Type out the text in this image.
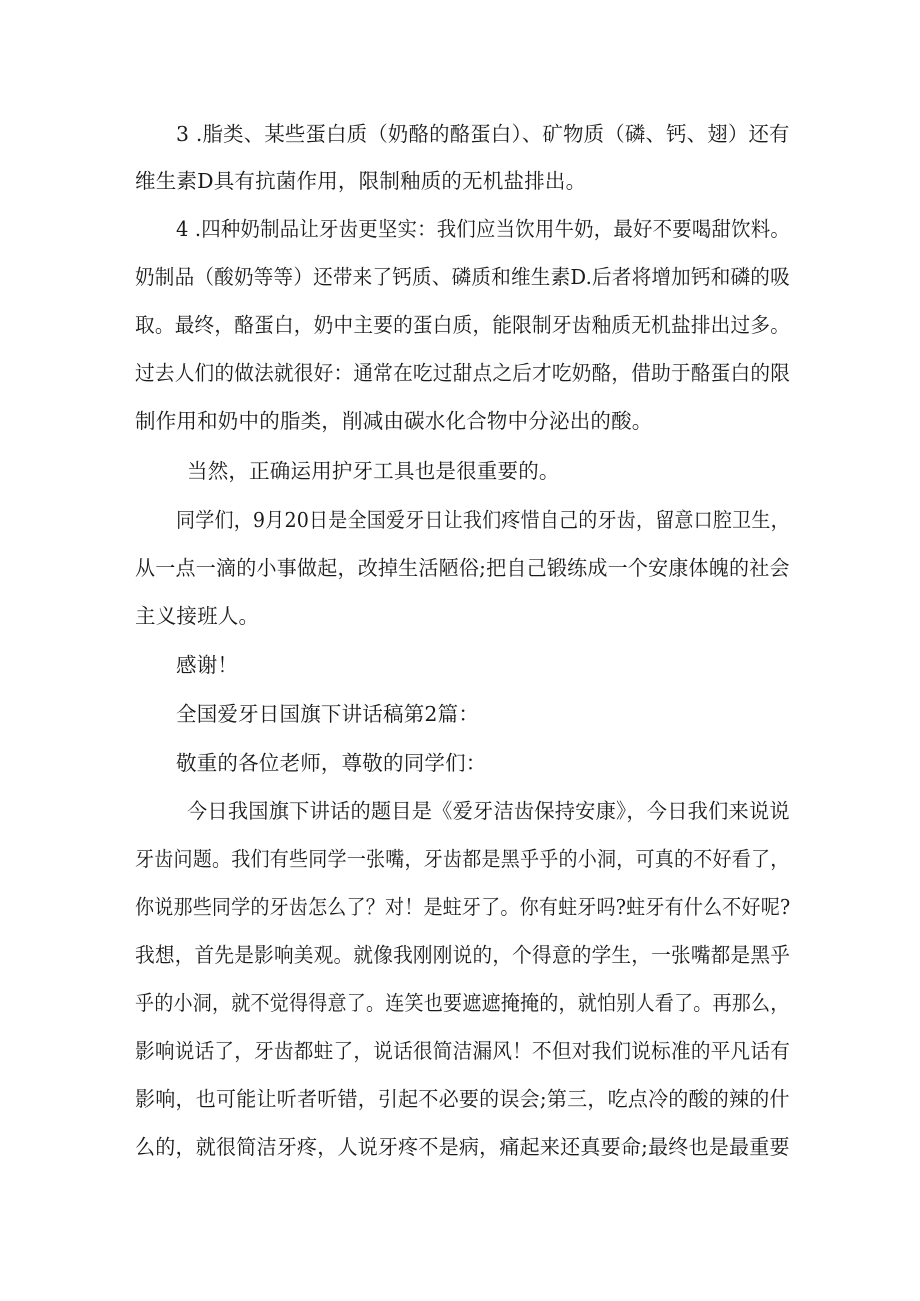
3 .脂类、某些蛋白质（奶酪的酪蛋白）、矿物质（磷、钙、翅）还有
维生素D具有抗菌作用，限制釉质的无机盐排出。
4 .四种奶制品让牙齿更坚实：我们应当饮用牛奶，最好不要喝甜饮料。
奶制品（酸奶等等）还带来了钙质、磷质和维生素D.后者将增加钙和磷的吸
取。最终，酪蛋白，奶中主要的蛋白质，能限制牙齿釉质无机盐排出过多。
过去人们的做法就很好：通常在吃过甜点之后才吃奶酪，借助于酪蛋白的限
制作用和奶中的脂类，削减由碳水化合物中分泌出的酸。
当然，正确运用护牙工具也是很重要的。
同学们，9月20日是全国爱牙日让我们疼惜自己的牙齿，留意口腔卫生，
从一点一滴的小事做起，改掉生活陋俗;把自己锻练成一个安康体魄的社会
主义接班人。
感谢！
全国爱牙日国旗下讲话稿第2篇：
敬重的各位老师，尊敬的同学们：
今日我国旗下讲话的题目是《爱牙洁齿保持安康》，今日我们来说说
牙齿问题。我们有些同学一张嘴，牙齿都是黑乎乎的小洞，可真的不好看了，
你说那些同学的牙齿怎么了？对！是蛀牙了。你有蛀牙吗?蛀牙有什么不好呢?
我想，首先是影响美观。就像我刚刚说的，个得意的学生，一张嘴都是黑乎
乎的小洞，就不觉得得意了。连笑也要遮遮掩掩的，就怕别人看了。再那么，
影响说话了，牙齿都蛀了，说话很简洁漏风！不但对我们说标准的平凡话有
影响，也可能让听者听错，引起不必要的误会;第三，吃点冷的酸的辣的什
么的，就很简洁牙疼，人说牙疼不是病，痛起来还真要命;最终也是最重要
